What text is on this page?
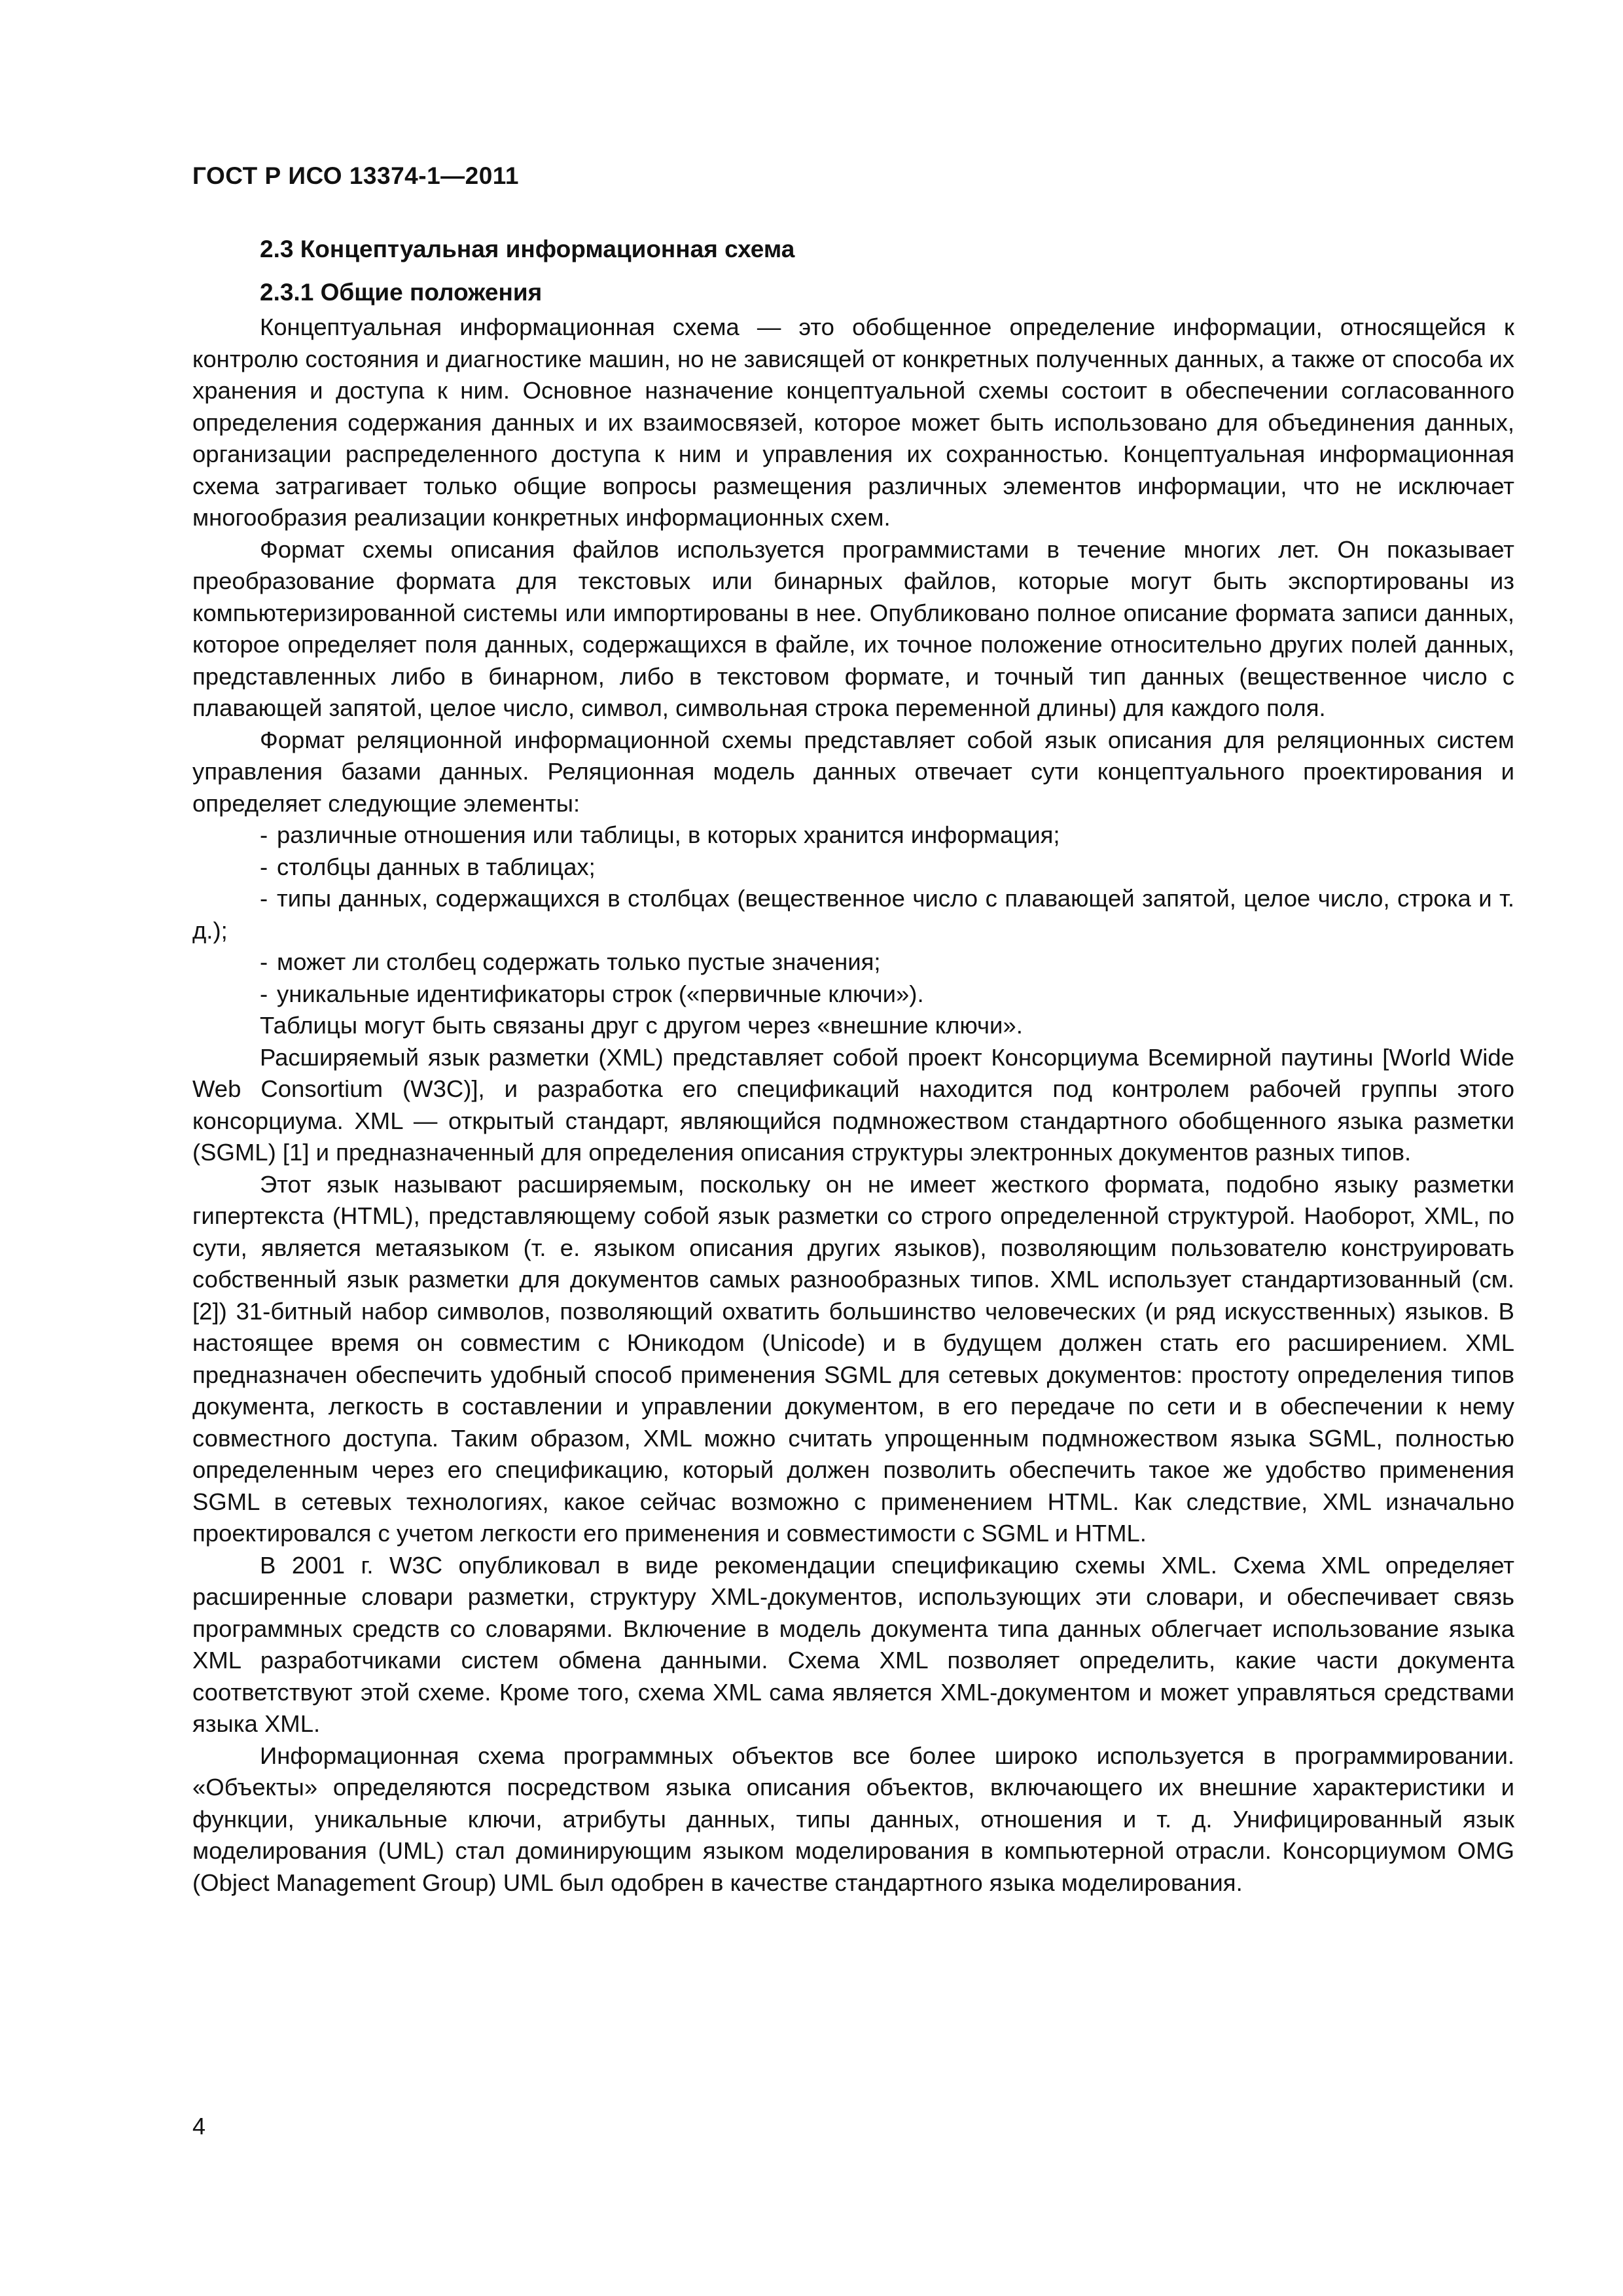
ГОСТ Р ИСО 13374-1—2011

2.3 Концептуальная информационная схема
2.3.1 Общие положения

Концептуальная информационная схема — это обобщенное определение информации, относящейся к контролю состояния и диагностике машин, но не зависящей от конкретных полученных данных, а также от способа их хранения и доступа к ним. Основное назначение концептуальной схемы состоит в обеспечении согласованного определения содержания данных и их взаимосвязей, которое может быть использовано для объединения данных, организации распределенного доступа к ним и управления их сохранностью. Концептуальная информационная схема затрагивает только общие вопросы размещения различных элементов информации, что не исключает многообразия реализации конкретных информационных схем.

Формат схемы описания файлов используется программистами в течение многих лет. Он показывает преобразование формата для текстовых или бинарных файлов, которые могут быть экспортированы из компьютеризированной системы или импортированы в нее. Опубликовано полное описание формата записи данных, которое определяет поля данных, содержащихся в файле, их точное положение относительно других полей данных, представленных либо в бинарном, либо в текстовом формате, и точный тип данных (вещественное число с плавающей запятой, целое число, символ, символьная строка переменной длины) для каждого поля.

Формат реляционной информационной схемы представляет собой язык описания для реляционных систем управления базами данных. Реляционная модель данных отвечает сути концептуального проектирования и определяет следующие элементы:

- различные отношения или таблицы, в которых хранится информация;
- столбцы данных в таблицах;
- типы данных, содержащихся в столбцах (вещественное число с плавающей запятой, целое число, строка и т. д.);
- может ли столбец содержать только пустые значения;
- уникальные идентификаторы строк («первичные ключи»).

Таблицы могут быть связаны друг с другом через «внешние ключи».

Расширяемый язык разметки (XML) представляет собой проект Консорциума Всемирной паутины [World Wide Web Consortium (W3C)], и разработка его спецификаций находится под контролем рабочей группы этого консорциума. XML — открытый стандарт, являющийся подмножеством стандартного обобщенного языка разметки (SGML) [1] и предназначенный для определения описания структуры электронных документов разных типов.

Этот язык называют расширяемым, поскольку он не имеет жесткого формата, подобно языку разметки гипертекста (HTML), представляющему собой язык разметки со строго определенной структурой. Наоборот, XML, по сути, является метаязыком (т. е. языком описания других языков), позволяющим пользователю конструировать собственный язык разметки для документов самых разнообразных типов. XML использует стандартизованный (см. [2]) 31-битный набор символов, позволяющий охватить большинство человеческих (и ряд искусственных) языков. В настоящее время он совместим с Юникодом (Unicode) и в будущем должен стать его расширением. XML предназначен обеспечить удобный способ применения SGML для сетевых документов: простоту определения типов документа, легкость в составлении и управлении документом, в его передаче по сети и в обеспечении к нему совместного доступа. Таким образом, XML можно считать упрощенным подмножеством языка SGML, полностью определенным через его спецификацию, который должен позволить обеспечить такое же удобство применения SGML в сетевых технологиях, какое сейчас возможно с применением HTML. Как следствие, XML изначально проектировался с учетом легкости его применения и совместимости с SGML и HTML.

В 2001 г. W3C опубликовал в виде рекомендации спецификацию схемы XML. Схема XML определяет расширенные словари разметки, структуру XML-документов, использующих эти словари, и обеспечивает связь программных средств со словарями. Включение в модель документа типа данных облегчает использование языка XML разработчиками систем обмена данными. Схема XML позволяет определить, какие части документа соответствуют этой схеме. Кроме того, схема XML сама является XML-документом и может управляться средствами языка XML.

Информационная схема программных объектов все более широко используется в программировании. «Объекты» определяются посредством языка описания объектов, включающего их внешние характеристики и функции, уникальные ключи, атрибуты данных, типы данных, отношения и т. д. Унифицированный язык моделирования (UML) стал доминирующим языком моделирования в компьютерной отрасли. Консорциумом OMG (Object Management Group) UML был одобрен в качестве стандартного языка моделирования.

4
